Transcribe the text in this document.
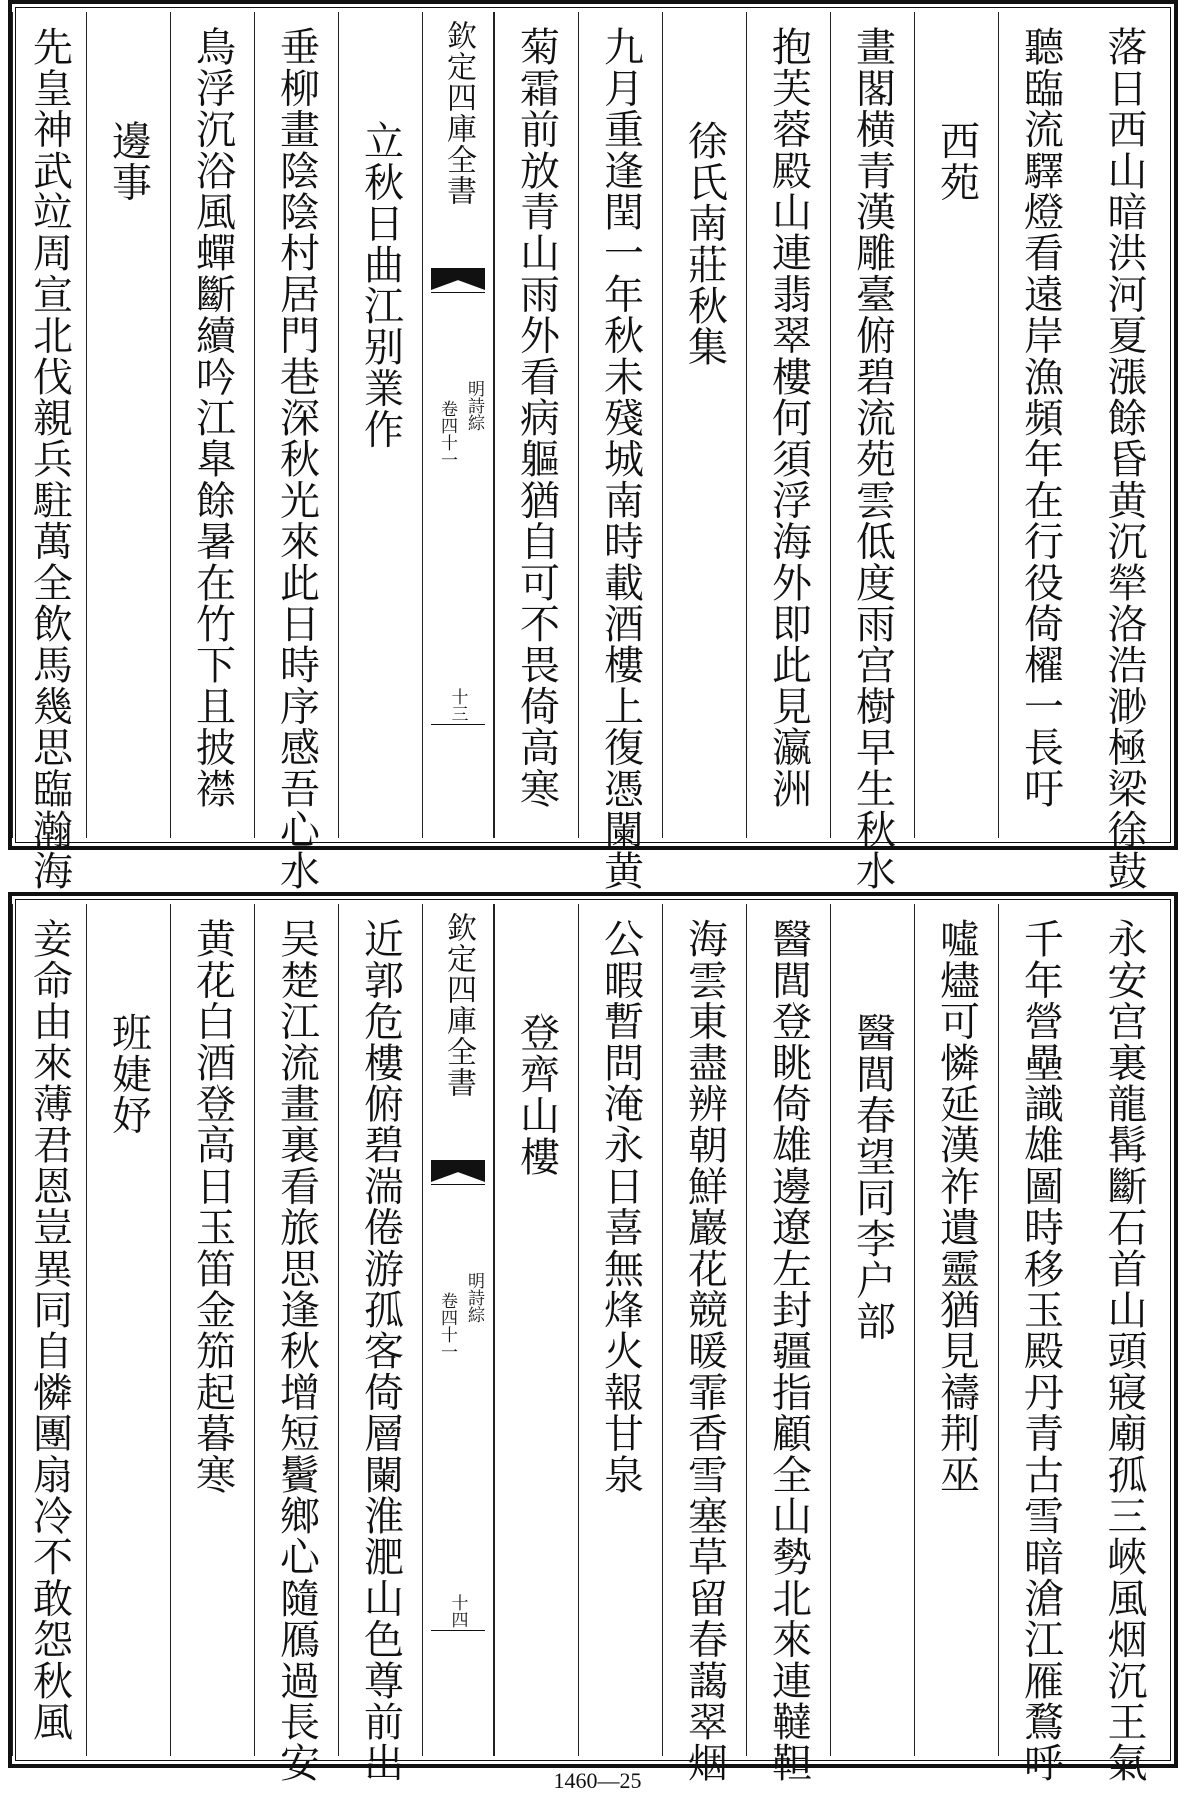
落日西山暗洪河夏漲餘昏黄沉犖洛浩渺極梁徐鼓
聽臨流驛燈看遠岸漁頻年在行役倚櫂一長吁
西苑
畫閣横青漢雕臺俯碧流苑雲低度雨宫樹早生秋水
抱芙蓉殿山連翡翠樓何須浮海外即此見瀛洲
徐氏南莊秋集
九月重逢閏一年秋未殘城南時載酒樓上復憑闌黄
菊霜前放青山雨外看病軀猶自可不畏倚高寒
欽定四庫全書
明詩綜
卷四十一
十三
立秋日曲江别業作
垂柳畫陰陰村居門巷深秋光來此日時序感吾心水
鳥浮沉浴風蟬斷續吟江臯餘暑在竹下且披襟
邊事
先皇神武竝周宣北伐親兵駐萬全飲馬幾思臨瀚海
永安宫裏龍髯斷石首山頭寢廟孤三峽風烟沉王氣
千年營壘識雄圖時移玉殿丹青古雪暗滄江雁鶩呼
噓燼可憐延漢祚遺靈猶見禱荆巫
醫閭春望同李户部
醫閭登眺倚雄邊遼左封疆指顧全山勢北來連韃靼
海雲東盡辨朝鮮巖花競暖霏香雪塞草留春藹翠烟
公暇暫問淹永日喜無烽火報甘泉
登齊山樓
欽定四庫全書
明詩綜
卷四十一
十四
近郭危樓俯碧湍倦游孤客倚層闌淮淝山色尊前出
吴楚江流畫裏看旅思逢秋增短鬢鄉心隨鴈過長安
黄花白酒登高日玉笛金笳起暮寒
班婕妤
妾命由來薄君恩豈異同自憐團扇冷不敢怨秋風
1460—25
